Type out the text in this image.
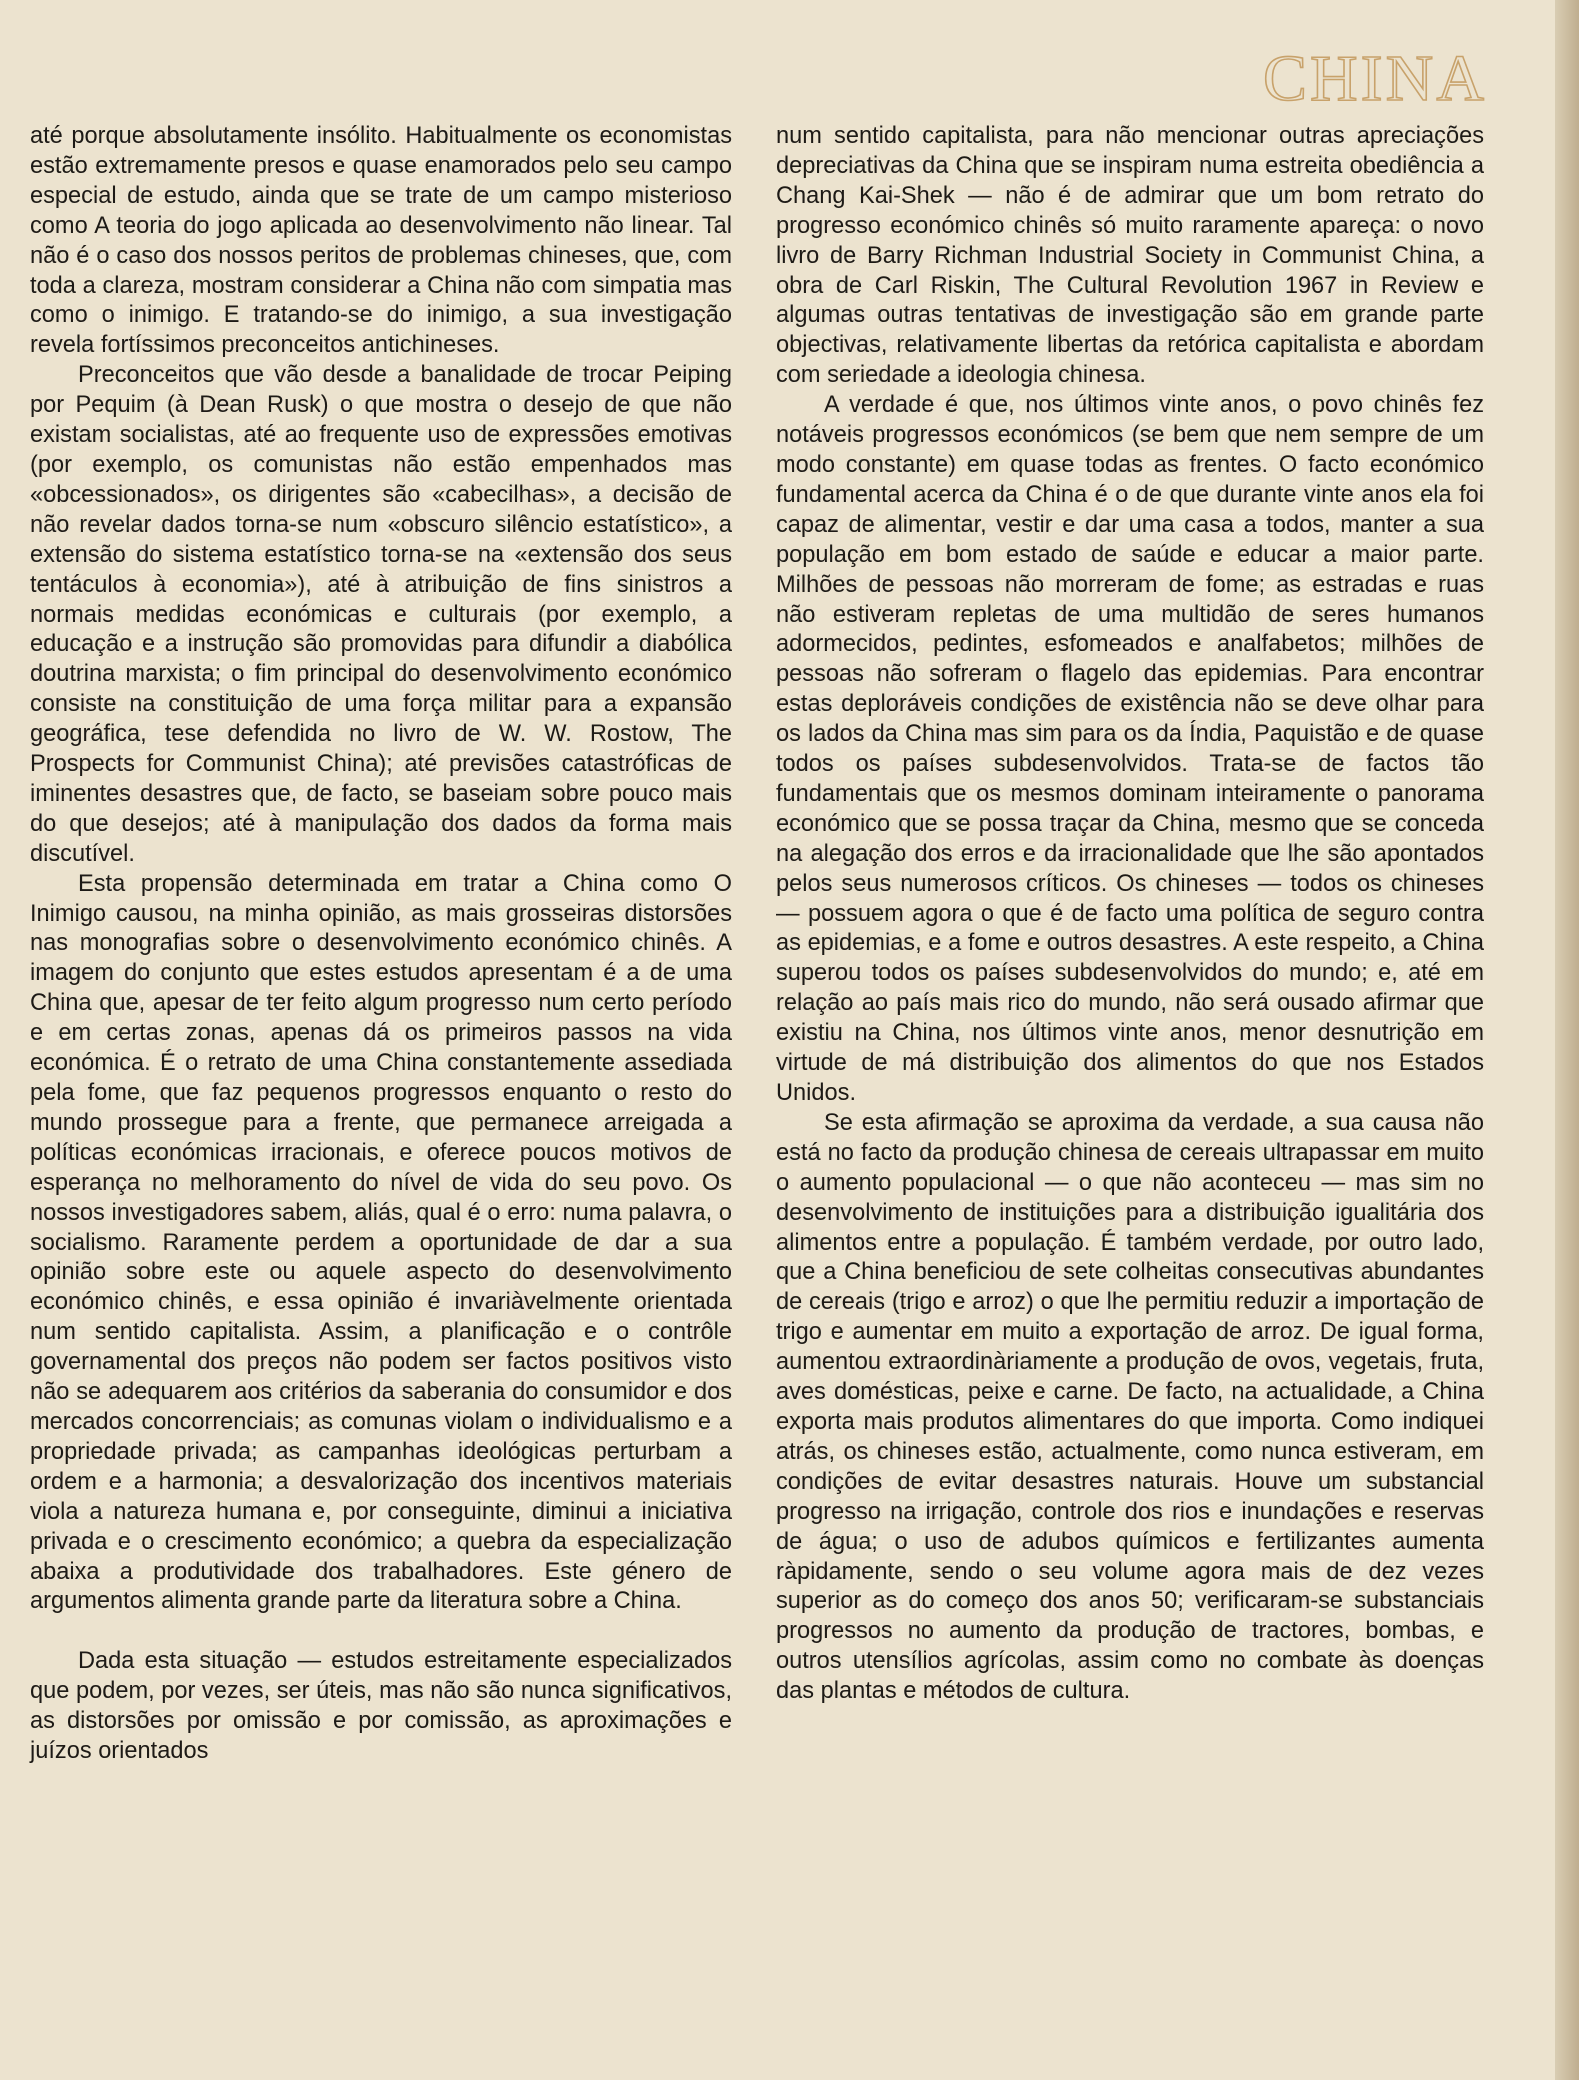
CHINA

até porque absolutamente insólito. Habitualmente os economistas estão extremamente presos e quase enamorados pelo seu campo especial de estudo, ainda que se trate de um campo misterioso como A teoria do jogo aplicada ao desenvolvimento não linear. Tal não é o caso dos nossos peritos de problemas chineses, que, com toda a clareza, mostram considerar a China não com simpatia mas como o inimigo. E tratando-se do inimigo, a sua investigação revela fortíssimos preconceitos antichineses.

Preconceitos que vão desde a banalidade de trocar Peiping por Pequim (à Dean Rusk) o que mostra o desejo de que não existam socialistas, até ao frequente uso de expressões emotivas (por exemplo, os comunistas não estão empenhados mas «obcessionados», os dirigentes são «cabecilhas», a decisão de não revelar dados torna-se num «obscuro silêncio estatístico», a extensão do sistema estatístico torna-se na «extensão dos seus tentáculos à economia»), até à atribuição de fins sinistros a normais medidas económicas e culturais (por exemplo, a educação e a instrução são promovidas para difundir a diabólica doutrina marxista; o fim principal do desenvolvimento económico consiste na constituição de uma força militar para a expansão geográfica, tese defendida no livro de W. W. Rostow, The Prospects for Communist China); até previsões catastróficas de iminentes desastres que, de facto, se baseiam sobre pouco mais do que desejos; até à manipulação dos dados da forma mais discutível.

Esta propensão determinada em tratar a China como O Inimigo causou, na minha opinião, as mais grosseiras distorsões nas monografias sobre o desenvolvimento económico chinês. A imagem do conjunto que estes estudos apresentam é a de uma China que, apesar de ter feito algum progresso num certo período e em certas zonas, apenas dá os primeiros passos na vida económica. É o retrato de uma China constantemente assediada pela fome, que faz pequenos progressos enquanto o resto do mundo prossegue para a frente, que permanece arreigada a políticas económicas irracionais, e oferece poucos motivos de esperança no melhoramento do nível de vida do seu povo. Os nossos investigadores sabem, aliás, qual é o erro: numa palavra, o socialismo. Raramente perdem a oportunidade de dar a sua opinião sobre este ou aquele aspecto do desenvolvimento económico chinês, e essa opinião é invariàvelmente orientada num sentido capitalista. Assim, a planificação e o contrôle governamental dos preços não podem ser factos positivos visto não se adequarem aos critérios da saberania do consumidor e dos mercados concorrenciais; as comunas violam o individualismo e a propriedade privada; as campanhas ideológicas perturbam a ordem e a harmonia; a desvalorização dos incentivos materiais viola a natureza humana e, por conseguinte, diminui a iniciativa privada e o crescimento económico; a quebra da especialização abaixa a produtividade dos trabalhadores. Este género de argumentos alimenta grande parte da literatura sobre a China.

Dada esta situação — estudos estreitamente especializados que podem, por vezes, ser úteis, mas não são nunca significativos, as distorsões por omissão e por comissão, as aproximações e juízos orientados

num sentido capitalista, para não mencionar outras apreciações depreciativas da China que se inspiram numa estreita obediência a Chang Kai-Shek — não é de admirar que um bom retrato do progresso económico chinês só muito raramente apareça: o novo livro de Barry Richman Industrial Society in Communist China, a obra de Carl Riskin, The Cultural Revolution 1967 in Review e algumas outras tentativas de investigação são em grande parte objectivas, relativamente libertas da retórica capitalista e abordam com seriedade a ideologia chinesa.

A verdade é que, nos últimos vinte anos, o povo chinês fez notáveis progressos económicos (se bem que nem sempre de um modo constante) em quase todas as frentes. O facto económico fundamental acerca da China é o de que durante vinte anos ela foi capaz de alimentar, vestir e dar uma casa a todos, manter a sua população em bom estado de saúde e educar a maior parte. Milhões de pessoas não morreram de fome; as estradas e ruas não estiveram repletas de uma multidão de seres humanos adormecidos, pedintes, esfomeados e analfabetos; milhões de pessoas não sofreram o flagelo das epidemias. Para encontrar estas deploráveis condições de existência não se deve olhar para os lados da China mas sim para os da Índia, Paquistão e de quase todos os países subdesenvolvidos. Trata-se de factos tão fundamentais que os mesmos dominam inteiramente o panorama económico que se possa traçar da China, mesmo que se conceda na alegação dos erros e da irracionalidade que lhe são apontados pelos seus numerosos críticos. Os chineses — todos os chineses — possuem agora o que é de facto uma política de seguro contra as epidemias, e a fome e outros desastres. A este respeito, a China superou todos os países subdesenvolvidos do mundo; e, até em relação ao país mais rico do mundo, não será ousado afirmar que existiu na China, nos últimos vinte anos, menor desnutrição em virtude de má distribuição dos alimentos do que nos Estados Unidos.

Se esta afirmação se aproxima da verdade, a sua causa não está no facto da produção chinesa de cereais ultrapassar em muito o aumento populacional — o que não aconteceu — mas sim no desenvolvimento de instituições para a distribuição igualitária dos alimentos entre a população. É também verdade, por outro lado, que a China beneficiou de sete colheitas consecutivas abundantes de cereais (trigo e arroz) o que lhe permitiu reduzir a importação de trigo e aumentar em muito a exportação de arroz. De igual forma, aumentou extraordinàriamente a produção de ovos, vegetais, fruta, aves domésticas, peixe e carne. De facto, na actualidade, a China exporta mais produtos alimentares do que importa. Como indiquei atrás, os chineses estão, actualmente, como nunca estiveram, em condições de evitar desastres naturais. Houve um substancial progresso na irrigação, controle dos rios e inundações e reservas de água; o uso de adubos químicos e fertilizantes aumenta ràpidamente, sendo o seu volume agora mais de dez vezes superior as do começo dos anos 50; verificaram-se substanciais progressos no aumento da produção de tractores, bombas, e outros utensílios agrícolas, assim como no combate às doenças das plantas e métodos de cultura.
